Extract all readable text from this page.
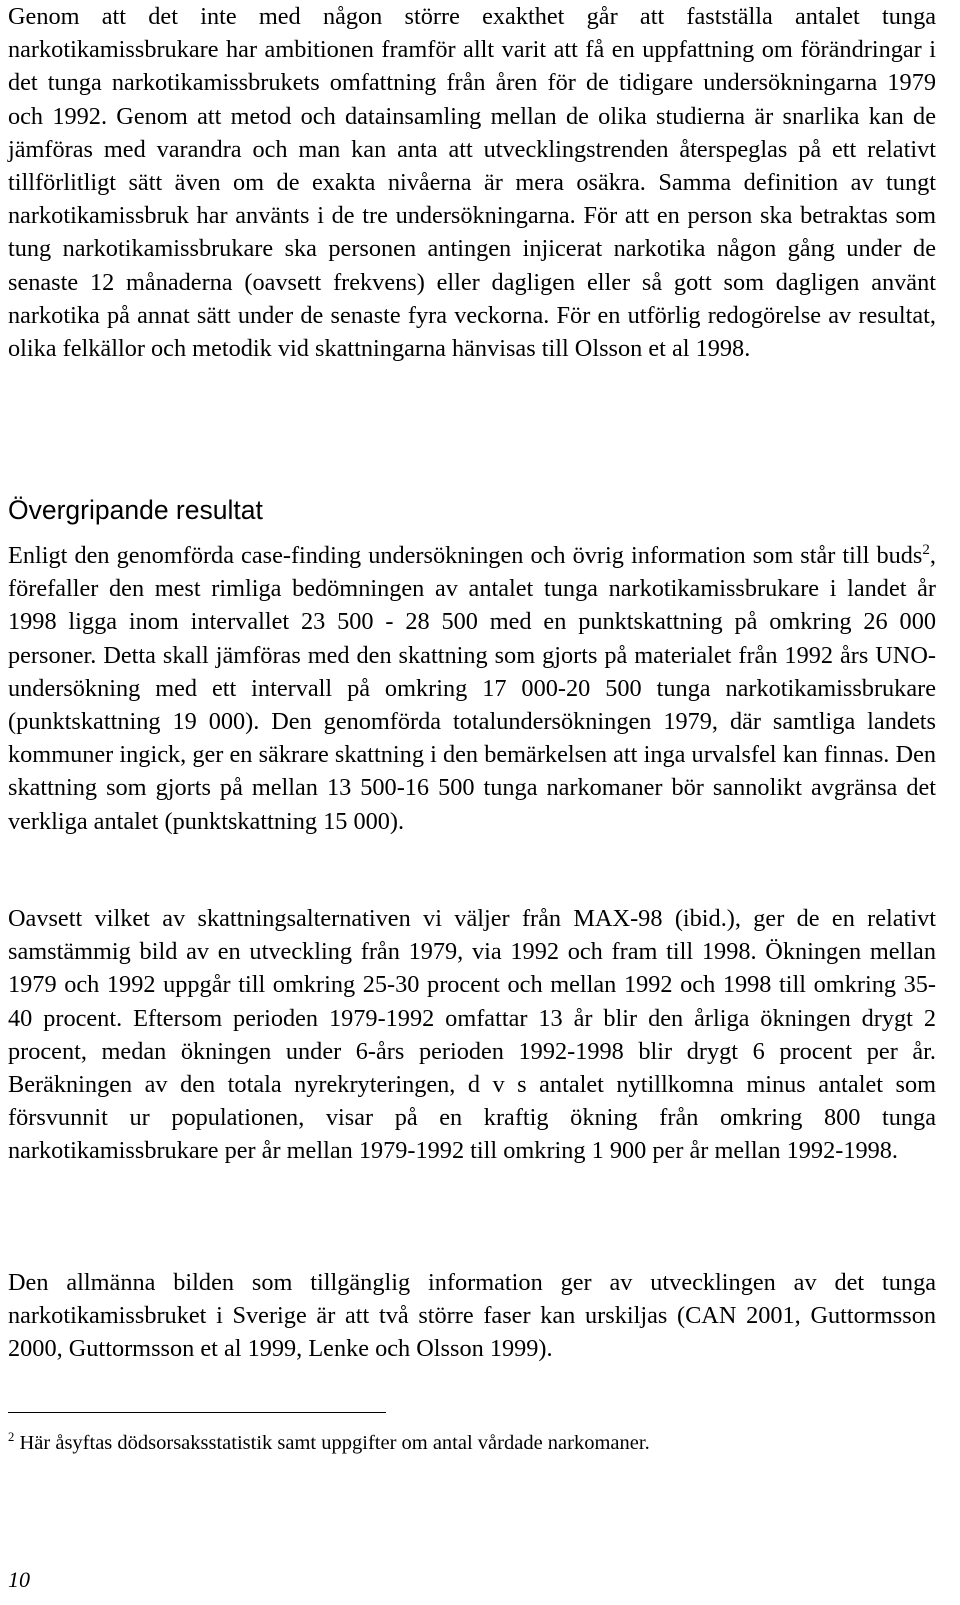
Genom att det inte med någon större exakthet går att fastställa antalet tunga narkotikamissbrukare har ambitionen framför allt varit att få en uppfattning om förändringar i det tunga narkotikamissbrukets omfattning från åren för de tidigare undersökningarna 1979 och 1992. Genom att metod och datainsamling mellan de olika studierna är snarlika kan de jämföras med varandra och man kan anta att utvecklingstrenden återspeglas på ett relativt tillförlitligt sätt även om de exakta nivåerna är mera osäkra. Samma definition av tungt narkotikamissbruk har använts i de tre undersökningarna. För att en person ska betraktas som tung narkotikamissbrukare ska personen antingen injicerat narkotika någon gång under de senaste 12 månaderna (oavsett frekvens) eller dagligen eller så gott som dagligen använt narkotika på annat sätt under de senaste fyra veckorna. För en utförlig redogörelse av resultat, olika felkällor och metodik vid skattningarna hänvisas till Olsson et al 1998.

Övergripande resultat

Enligt den genomförda case-finding undersökningen och övrig information som står till buds$^2$, förefaller den mest rimliga bedömningen av antalet tunga narkotikamissbrukare i landet år 1998 ligga inom intervallet 23 500 - 28 500 med en punktskattning på omkring 26 000 personer. Detta skall jämföras med den skattning som gjorts på materialet från 1992 års UNO-undersökning med ett intervall på omkring 17 000-20 500 tunga narkotikamissbrukare (punktskattning 19 000). Den genomförda totalundersökningen 1979, där samtliga landets kommuner ingick, ger en säkrare skattning i den bemärkelsen att inga urvalsfel kan finnas. Den skattning som gjorts på mellan 13 500-16 500 tunga narkomaner bör sannolikt avgränsa det verkliga antalet (punktskattning 15 000).

Oavsett vilket av skattningsalternativen vi väljer från MAX-98 (ibid.), ger de en relativt samstämmig bild av en utveckling från 1979, via 1992 och fram till 1998. Ökningen mellan 1979 och 1992 uppgår till omkring 25-30 procent och mellan 1992 och 1998 till omkring 35-40 procent. Eftersom perioden 1979-1992 omfattar 13 år blir den årliga ökningen drygt 2 procent, medan ökningen under 6-års perioden 1992-1998 blir drygt 6 procent per år. Beräkningen av den totala nyrekryteringen, d v s antalet nytillkomna minus antalet som försvunnit ur populationen, visar på en kraftig ökning från omkring 800 tunga narkotikamissbrukare per år mellan 1979-1992 till omkring 1 900 per år mellan 1992-1998.

Den allmänna bilden som tillgänglig information ger av utvecklingen av det tunga narkotikamissbruket i Sverige är att två större faser kan urskiljas (CAN 2001, Guttormsson 2000, Guttormsson et al 1999, Lenke och Olsson 1999).

$^2$ Här åsyftas dödsorsaksstatistik samt uppgifter om antal vårdade narkomaner.

10
